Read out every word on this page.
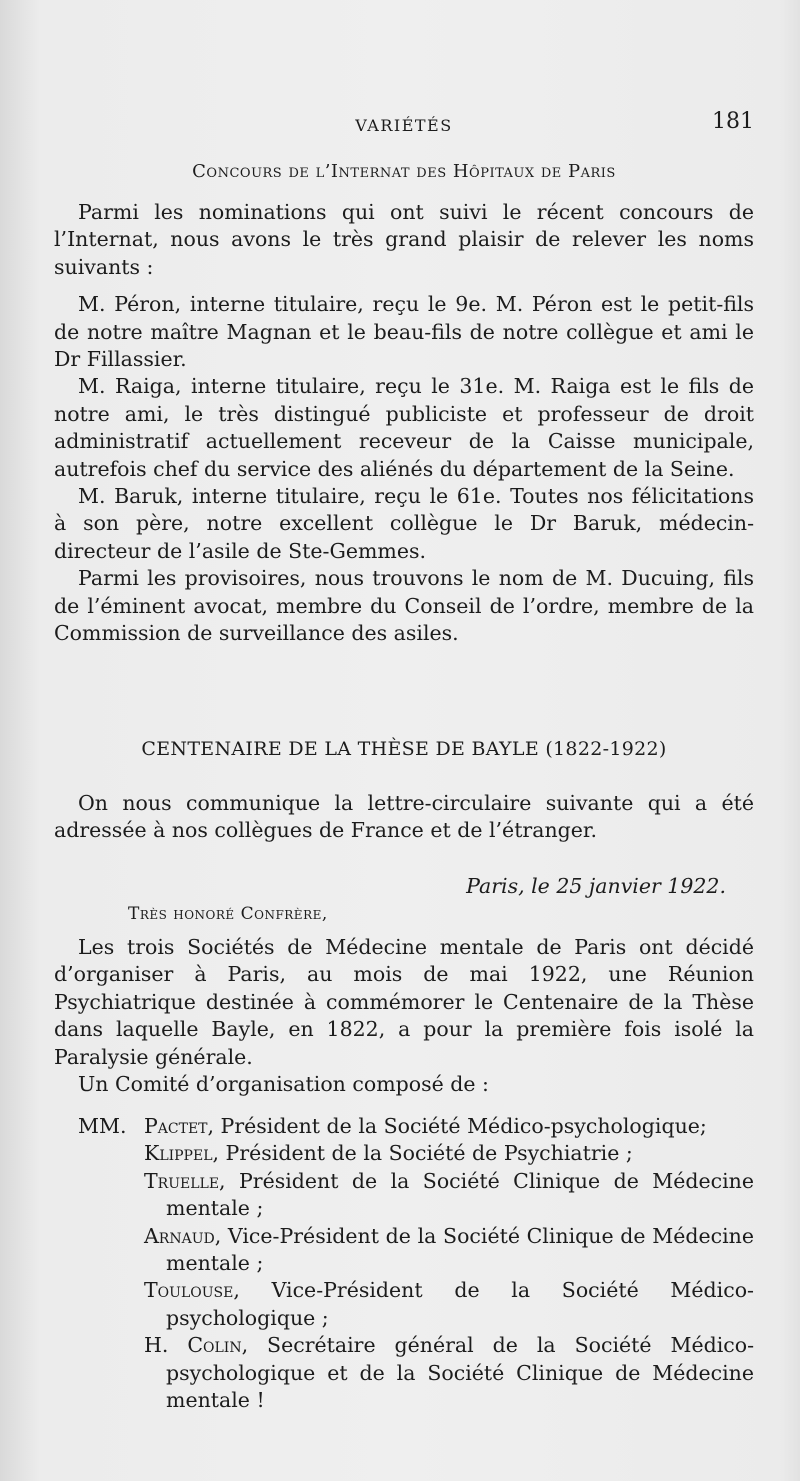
VARIÉTÉS	181
Concours de l’Internat des Hôpitaux de Paris

Parmi les nominations qui ont suivi le récent concours de l’Internat, nous avons le très grand plaisir de relever les noms suivants :

M. Péron, interne titulaire, reçu le 9e. M. Péron est le petit-fils de notre maître Magnan et le beau-fils de notre collègue et ami le Dr Fillassier.

M. Raiga, interne titulaire, reçu le 31e. M. Raiga est le fils de notre ami, le très distingué publiciste et professeur de droit administratif actuellement receveur de la Caisse municipale, autrefois chef du service des aliénés du département de la Seine.

M. Baruk, interne titulaire, reçu le 61e. Toutes nos félicitations à son père, notre excellent collègue le Dr Baruk, médecin-directeur de l’asile de Ste-Gemmes.

Parmi les provisoires, nous trouvons le nom de M. Ducuing, fils de l’éminent avocat, membre du Conseil de l’ordre, membre de la Commission de surveillance des asiles.

CENTENAIRE DE LA THÈSE DE BAYLE (1822-1922)

On nous communique la lettre-circulaire suivante qui a été adressée à nos collègues de France et de l’étranger.

Paris, le 25 janvier 1922.
Très honoré Confrère,

Les trois Sociétés de Médecine mentale de Paris ont décidé d’organiser à Paris, au mois de mai 1922, une Réunion Psychiatrique destinée à commémorer le Centenaire de la Thèse dans laquelle Bayle, en 1822, a pour la première fois isolé la Paralysie générale.

Un Comité d’organisation composé de :

MM. Pactet, Président de la Société Médico-psychologique;
Klippel, Président de la Société de Psychiatrie ;
Truelle, Président de la Société Clinique de Médecine mentale ;
Arnaud, Vice-Président de la Société Clinique de Médecine mentale ;
Toulouse, Vice-Président de la Société Médico-psychologique ;
H. Colin, Secrétaire général de la Société Médico-psychologique et de la Société Clinique de Médecine mentale !
